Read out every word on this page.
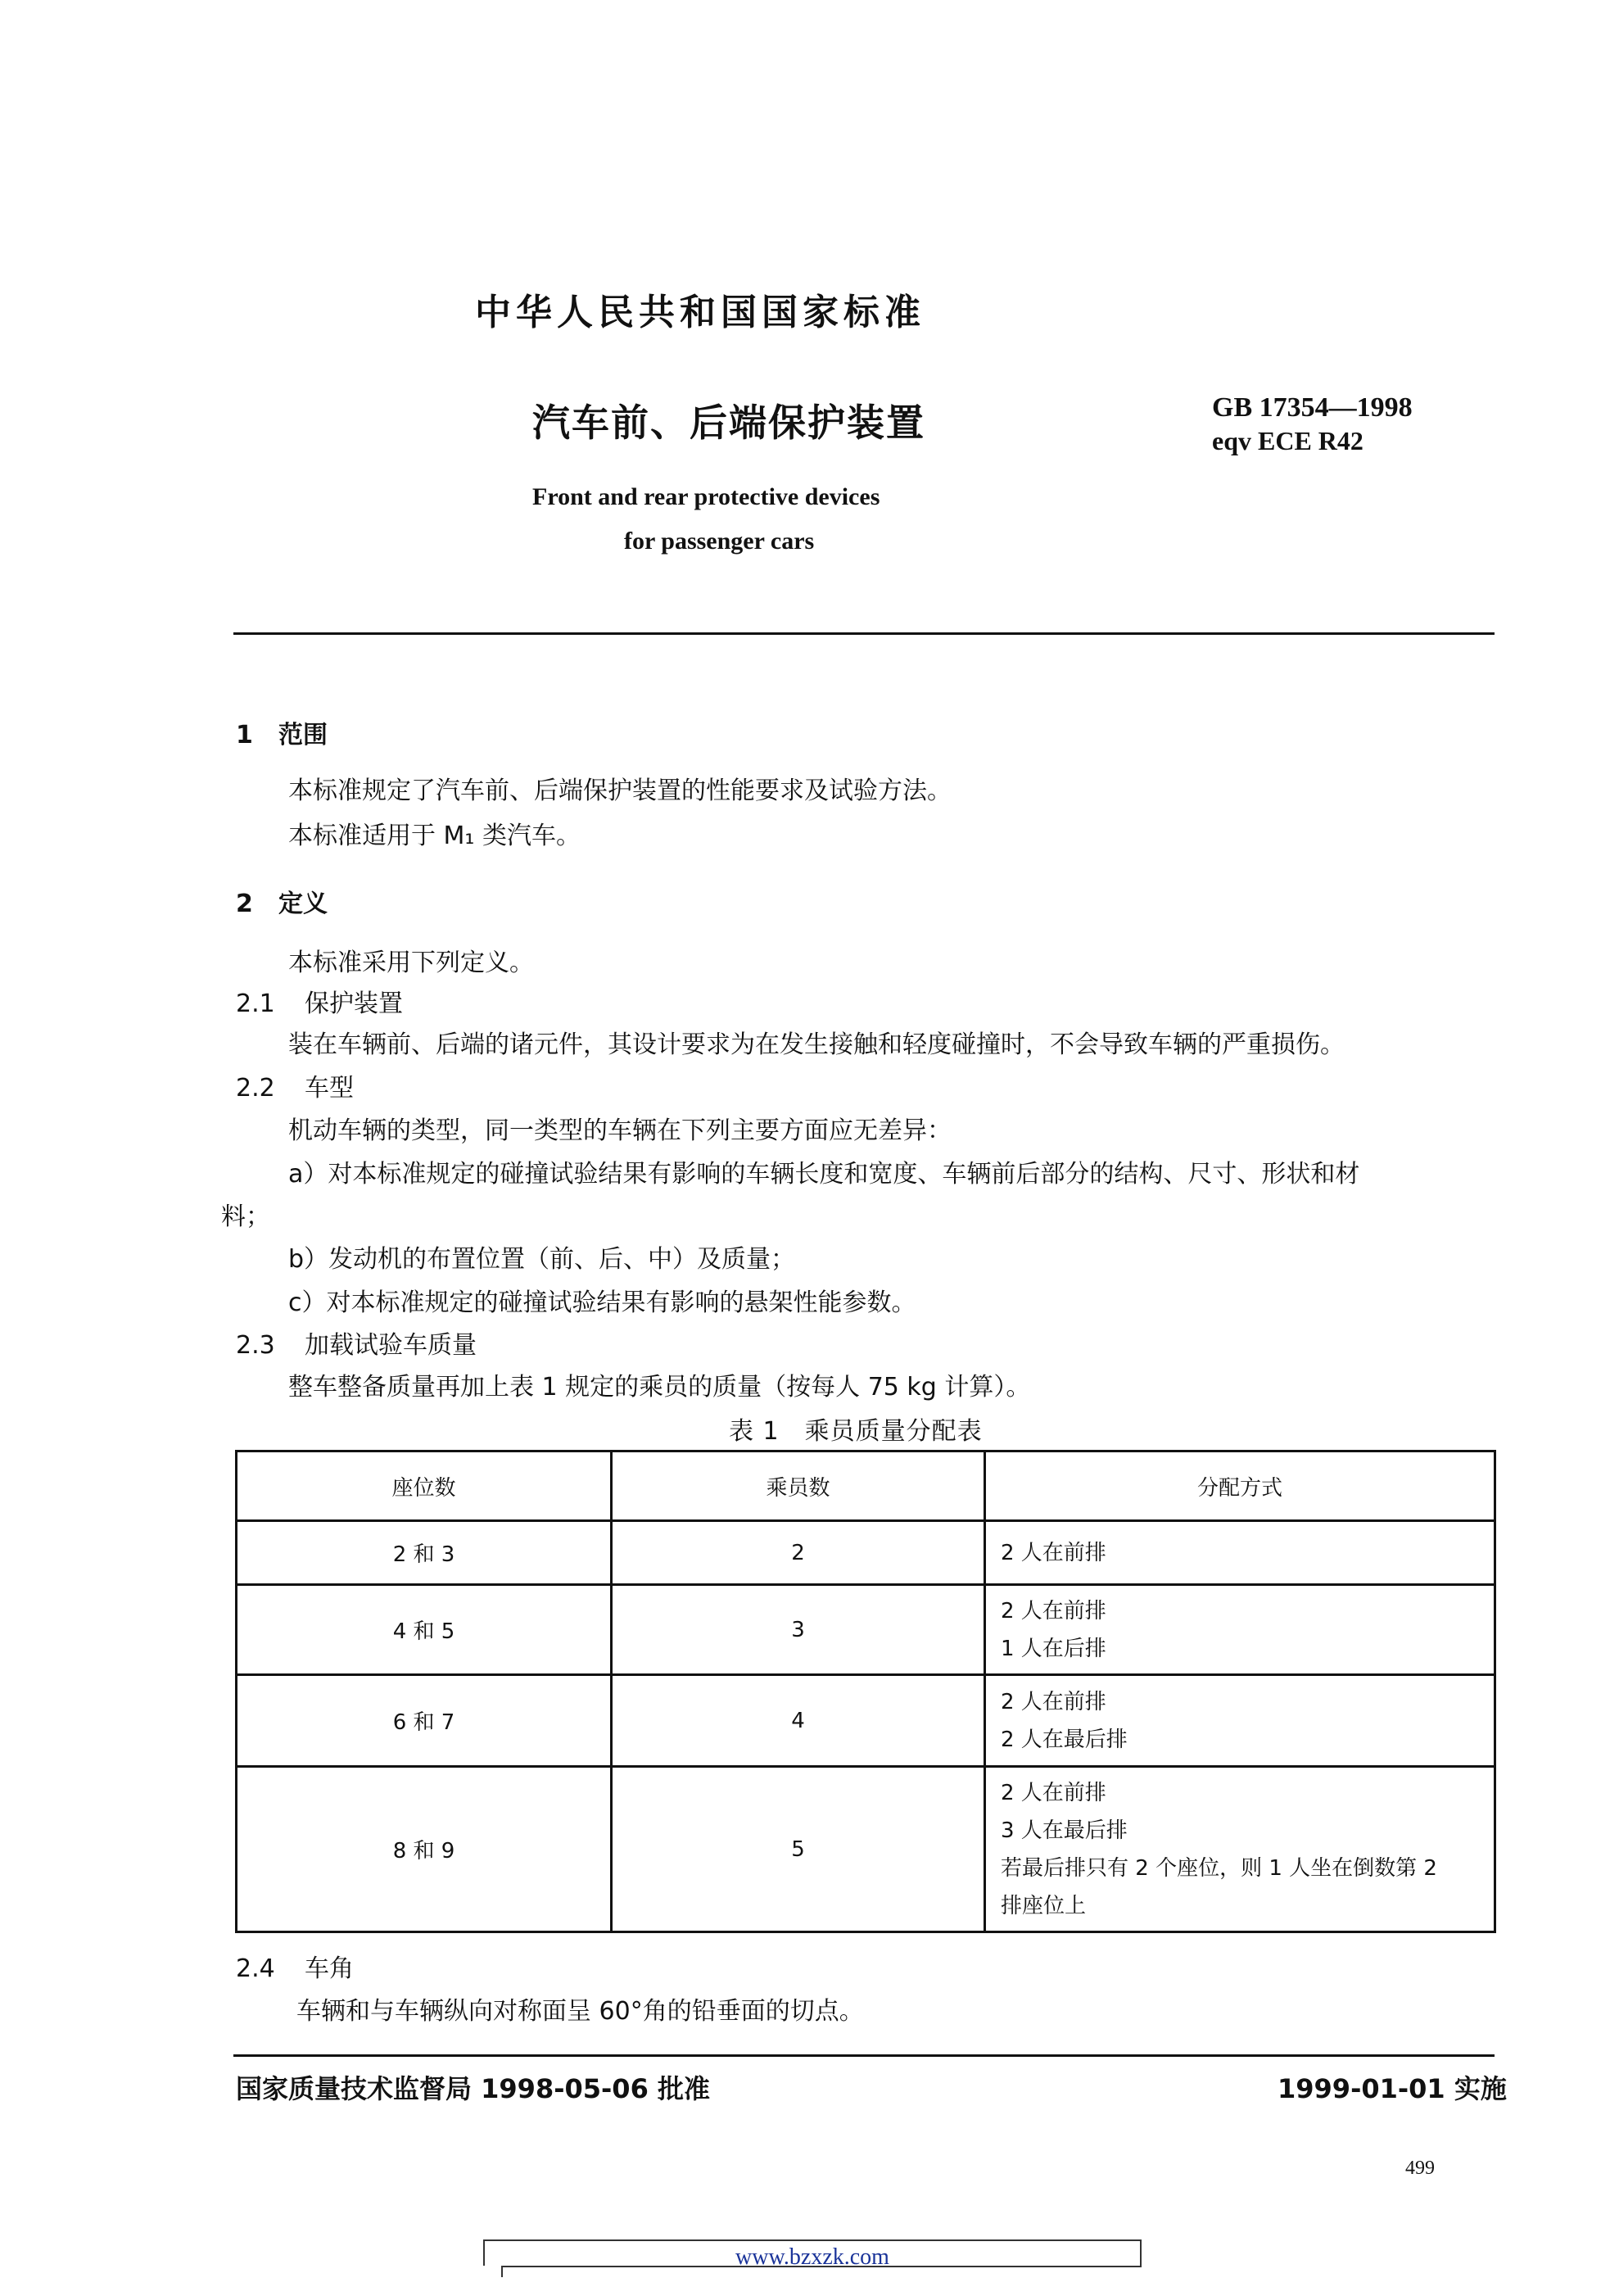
中华人民共和国国家标准
汽车前、后端保护装置	GB 17354—1998
eqv ECE R42
Front and rear protective devices
for passenger cars
1 范围
本标准规定了汽车前、后端保护装置的性能要求及试验方法。
本标准适用于 M₁ 类汽车。
2 定义
本标准采用下列定义。
2.1 保护装置
装在车辆前、后端的诸元件，其设计要求为在发生接触和轻度碰撞时，不会导致车辆的严重损伤。
2.2 车型
机动车辆的类型，同一类型的车辆在下列主要方面应无差异：
a）对本标准规定的碰撞试验结果有影响的车辆长度和宽度、车辆前后部分的结构、尺寸、形状和材
料；
b）发动机的布置位置（前、后、中）及质量；
c）对本标准规定的碰撞试验结果有影响的悬架性能参数。
2.3 加载试验车质量
整车整备质量再加上表 1 规定的乘员的质量（按每人 75 kg 计算）。
表 1　乘员质量分配表
座位数	乘员数	分配方式
2 和 3	2	2 人在前排

4 和 5	3	2 人在前排
1 人在后排

6 和 7	4	2 人在前排
2 人在最后排

8 和 9	5	2 人在前排
3 人在最后排
若最后排只有 2 个座位，则 1 人坐在倒数第 2
排座位上
2.4 车角
车辆和与车辆纵向对称面呈 60°角的铅垂面的切点。
国家质量技术监督局 1998-05-06 批准	1999-01-01 实施
499
www.bzxzk.com
